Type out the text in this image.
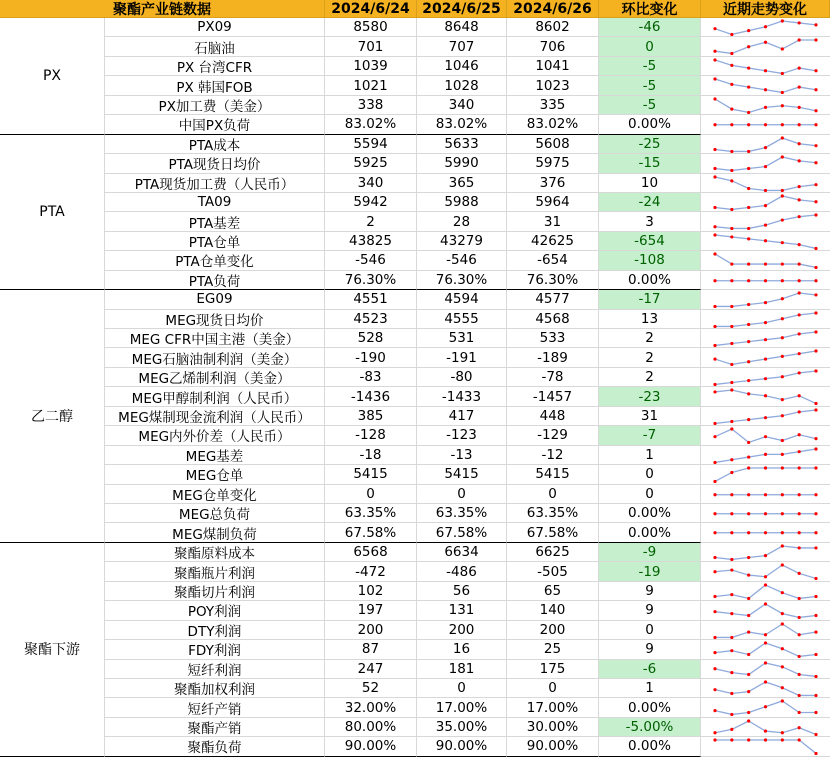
聚酯产业链数据	2024/6/24 2024/6/25 2024/6/26	环比变化	近期走势变化
PX
PX09	8580	8648	8602	-46
石脑油	701	707	706	0
PX 台湾CFR	1039	1046	1041	-5
PX 韩国FOB	1021	1028	1023	-5
PX加工费（美金）	338	340	335	-5
中国PX负荷	83.02%	83.02%	83.02%	0.00%
PTA
PTA成本	5594	5633	5608	-25
PTA现货日均价	5925	5990	5975	-15
PTA现货加工费（人民币）	340	365	376	10
TA09	5942	5988	5964	-24
PTA基差	2	28	31	3
PTA仓单	43825	43279	42625	-654
PTA仓单变化	-546	-546	-654	-108
PTA负荷	76.30%	76.30%	76.30%	0.00%
乙二醇
EG09	4551	4594	4577	-17
MEG现货日均价	4523	4555	4568	13
MEG CFR中国主港（美金）	528	531	533	2
MEG石脑油制利润（美金）	-190	-191	-189	2
MEG乙烯制利润（美金）	-83	-80	-78	2
MEG甲醇制利润（人民币）	-1436	-1433	-1457	-23
MEG煤制现金流利润（人民币）	385	417	448	31
MEG内外价差（人民币）	-128	-123	-129	-7
MEG基差	-18	-13	-12	1
MEG仓单	5415	5415	5415	0
MEG仓单变化	0	0	0	0
MEG总负荷	63.35%	63.35%	63.35%	0.00%
MEG煤制负荷	67.58%	67.58%	67.58%	0.00%
聚酯下游
聚酯原料成本	6568	6634	6625	-9
聚酯瓶片利润	-472	-486	-505	-19
聚酯切片利润	102	56	65	9
POY利润	197	131	140	9
DTY利润	200	200	200	0
FDY利润	87	16	25	9
短纤利润	247	181	175	-6
聚酯加权利润	52	0	0	1
短纤产销	32.00%	17.00%	17.00%	0.00%
聚酯产销	80.00%	35.00%	30.00%	-5.00%
聚酯负荷	90.00%	90.00%	90.00%	0.00%
